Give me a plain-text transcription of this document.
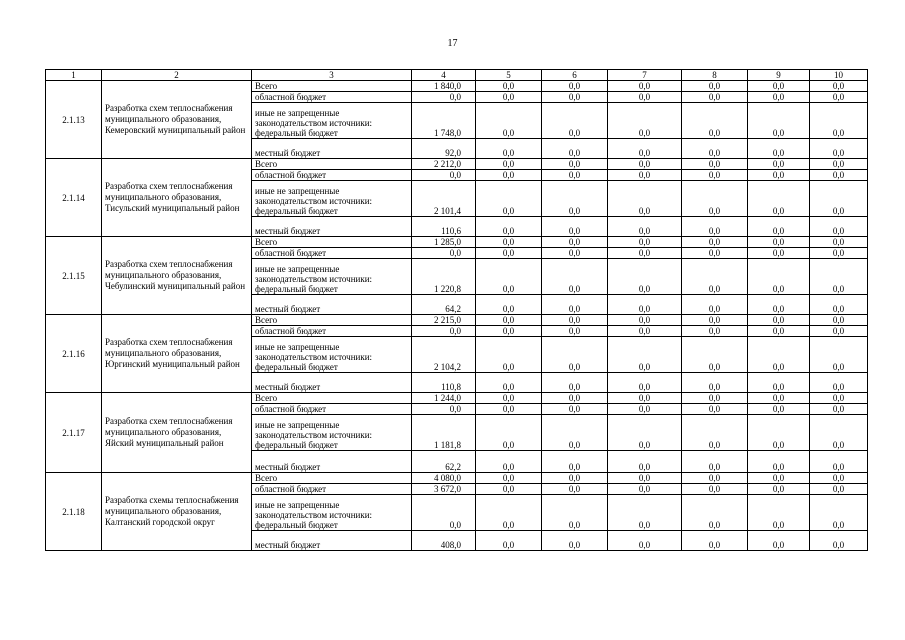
17
1	2	3	4	5	6	7	8	9	10
2.1.13	Разработка схем теплоснабжения муниципального образования, Кемеровский муниципальный район	Всего	1 840,0	0,0	0,0	0,0	0,0	0,0	0,0
		областной бюджет	0,0	0,0	0,0	0,0	0,0	0,0	0,0

		иные не запрещенные
законодательством источники:
федеральный бюджет	1 748,0	0,0	0,0	0,0	0,0	0,0	0,0
		местный бюджет	92,0	0,0	0,0	0,0	0,0	0,0	0,0
2.1.14	Разработка схем теплоснабжения муниципального образования, Тисульский муниципальный район	Всего	2 212,0	0,0	0,0	0,0	0,0	0,0	0,0
		областной бюджет	0,0	0,0	0,0	0,0	0,0	0,0	0,0

		иные не запрещенные
законодательством источники:
федеральный бюджет	2 101,4	0,0	0,0	0,0	0,0	0,0	0,0
		местный бюджет	110,6	0,0	0,0	0,0	0,0	0,0	0,0
2.1.15	Разработка схем теплоснабжения муниципального образования, Чебулинский муниципальный район	Всего	1 285,0	0,0	0,0	0,0	0,0	0,0	0,0
		областной бюджет	0,0	0,0	0,0	0,0	0,0	0,0	0,0

		иные не запрещенные
законодательством источники:
федеральный бюджет	1 220,8	0,0	0,0	0,0	0,0	0,0	0,0
		местный бюджет	64,2	0,0	0,0	0,0	0,0	0,0	0,0
2.1.16	Разработка схем теплоснабжения муниципального образования, Юргинский муниципальный район	Всего	2 215,0	0,0	0,0	0,0	0,0	0,0	0,0
		областной бюджет	0,0	0,0	0,0	0,0	0,0	0,0	0,0

		иные не запрещенные
законодательством источники:
федеральный бюджет	2 104,2	0,0	0,0	0,0	0,0	0,0	0,0
		местный бюджет	110,8	0,0	0,0	0,0	0,0	0,0	0,0
2.1.17	Разработка схем теплоснабжения муниципального образования, Яйский муниципальный район	Всего	1 244,0	0,0	0,0	0,0	0,0	0,0	0,0
		областной бюджет	0,0	0,0	0,0	0,0	0,0	0,0	0,0

		иные не запрещенные
законодательством источники:
федеральный бюджет	1 181,8	0,0	0,0	0,0	0,0	0,0	0,0
		местный бюджет	62,2	0,0	0,0	0,0	0,0	0,0	0,0
2.1.18	Разработка схемы теплоснабжения муниципального образования, Калтанский городской округ	Всего	4 080,0	0,0	0,0	0,0	0,0	0,0	0,0
		областной бюджет	3 672,0	0,0	0,0	0,0	0,0	0,0	0,0

		иные не запрещенные
законодательством источники:
федеральный бюджет	0,0	0,0	0,0	0,0	0,0	0,0	0,0
		местный бюджет	408,0	0,0	0,0	0,0	0,0	0,0	0,0
